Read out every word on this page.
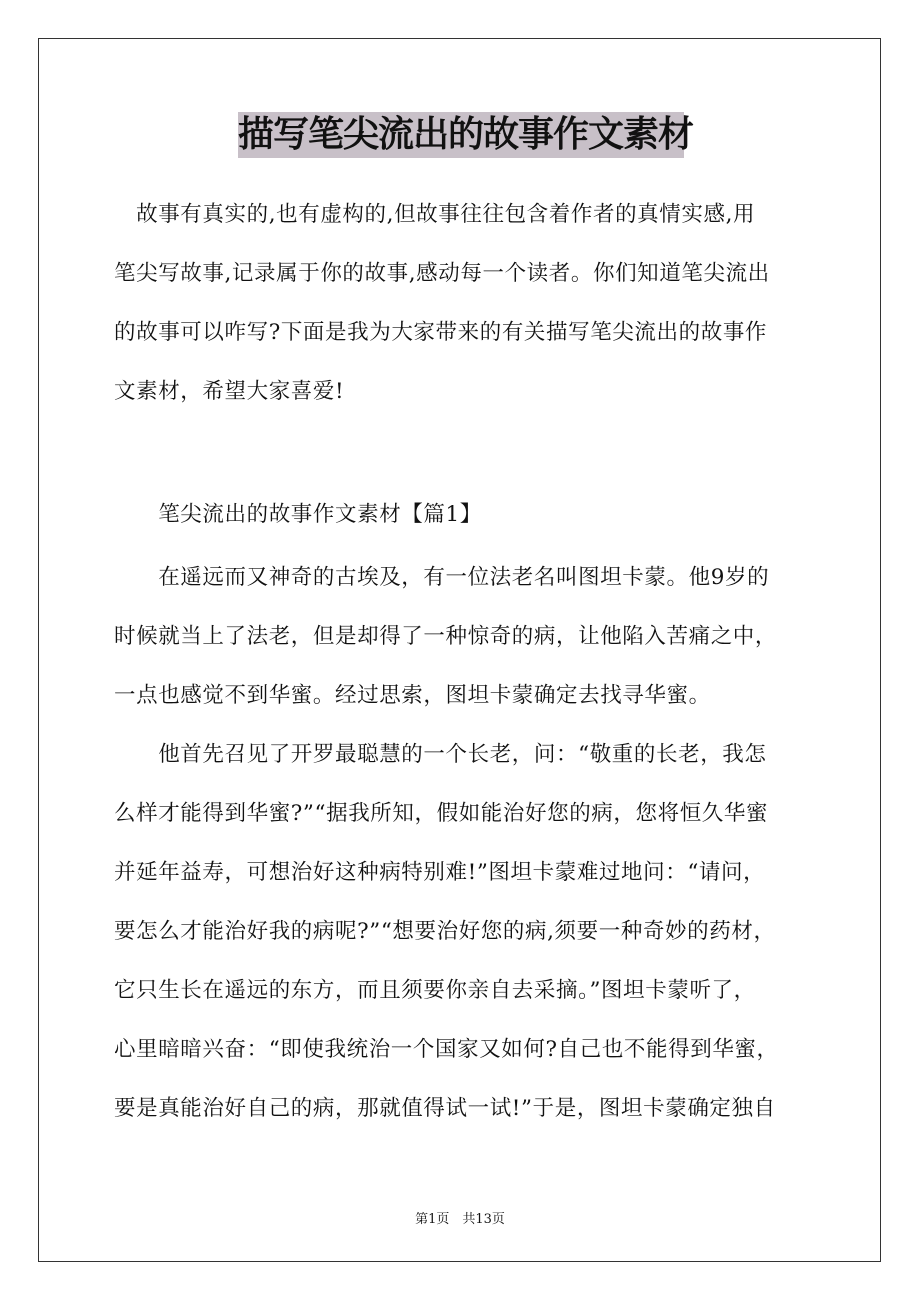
描写笔尖流出的故事作文素材
　故事有真实的,也有虚构的,但故事往往包含着作者的真情实感,用
笔尖写故事,记录属于你的故事,感动每一个读者。你们知道笔尖流出
的故事可以咋写?下面是我为大家带来的有关描写笔尖流出的故事作
文素材，希望大家喜爱!
　　笔尖流出的故事作文素材【篇1】
　　在遥远而又神奇的古埃及，有一位法老名叫图坦卡蒙。他9岁的
时候就当上了法老，但是却得了一种惊奇的病，让他陷入苦痛之中，
一点也感觉不到华蜜。经过思索，图坦卡蒙确定去找寻华蜜。
　　他首先召见了开罗最聪慧的一个长老，问：“敬重的长老，我怎
么样才能得到华蜜?”“据我所知，假如能治好您的病，您将恒久华蜜
并延年益寿，可想治好这种病特别难!”图坦卡蒙难过地问：“请问，
要怎么才能治好我的病呢?”“想要治好您的病,须要一种奇妙的药材，
它只生长在遥远的东方，而且须要你亲自去采摘。”图坦卡蒙听了，
心里暗暗兴奋：“即使我统治一个国家又如何?自己也不能得到华蜜，
要是真能治好自己的病，那就值得试一试!”于是，图坦卡蒙确定独自
第1页　共13页
